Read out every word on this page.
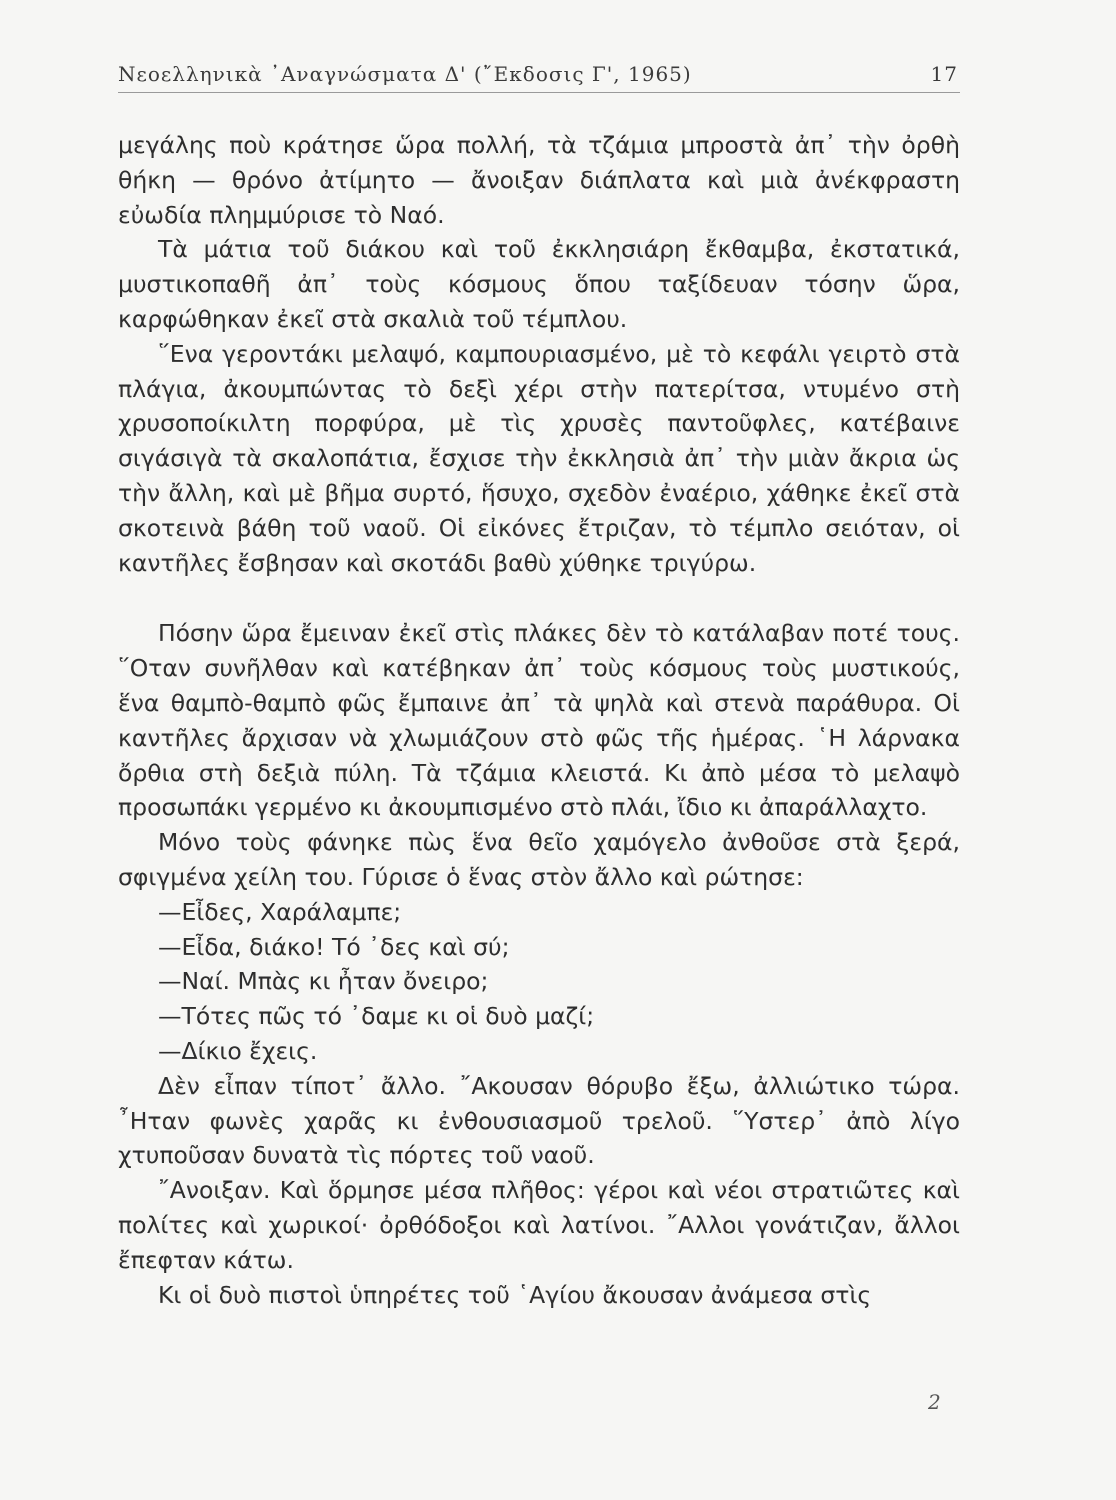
Νεοελληνικὰ ᾿Αναγνώσματα Δ' (῎Εκδοσις Γ', 1965)	17

μεγάλης ποὺ κράτησε ὥρα πολλή, τὰ τζάμια μπροστὰ ἀπ᾿ τὴν ὀρθὴ θήκη — θρόνο ἀτίμητο — ἄνοιξαν διάπλατα καὶ μιὰ ἀνέκφραστη εὐωδία πλημμύρισε τὸ Ναό.

Τὰ μάτια τοῦ διάκου καὶ τοῦ ἐκκλησιάρη ἔκθαμβα, ἐκστατικά, μυστικοπαθῆ ἀπ᾿ τοὺς κόσμους ὅπου ταξίδευαν τόσην ὥρα, καρφώθηκαν ἐκεῖ στὰ σκαλιὰ τοῦ τέμπλου.

῞Ενα γεροντάκι μελαψό, καμπουριασμένο, μὲ τὸ κεφάλι γειρτὸ στὰ πλάγια, ἀκουμπώντας τὸ δεξὶ χέρι στὴν πατερίτσα, ντυμένο στὴ χρυσοποίκιλτη πορφύρα, μὲ τὶς χρυσὲς παντοῦφλες, κατέβαινε σιγάσιγὰ τὰ σκαλοπάτια, ἔσχισε τὴν ἐκκλησιὰ ἀπ᾿ τὴν μιὰν ἄκρια ὡς τὴν ἄλλη, καὶ μὲ βῆμα συρτό, ἥσυχο, σχεδὸν ἐναέριο, χάθηκε ἐκεῖ στὰ σκοτεινὰ βάθη τοῦ ναοῦ. Οἱ εἰκόνες ἔτριζαν, τὸ τέμπλο σειόταν, οἱ καντῆλες ἔσβησαν καὶ σκοτάδι βαθὺ χύθηκε τριγύρω.

Πόσην ὥρα ἔμειναν ἐκεῖ στὶς πλάκες δὲν τὸ κατάλαβαν ποτέ τους. ῞Οταν συνῆλθαν καὶ κατέβηκαν ἀπ᾿ τοὺς κόσμους τοὺς μυστικούς, ἕνα θαμπὸ-θαμπὸ φῶς ἔμπαινε ἀπ᾿ τὰ ψηλὰ καὶ στενὰ παράθυρα. Οἱ καντῆλες ἄρχισαν νὰ χλωμιάζουν στὸ φῶς τῆς ἡμέρας. ῾Η λάρνακα ὄρθια στὴ δεξιὰ πύλη. Τὰ τζάμια κλειστά. Κι ἀπὸ μέσα τὸ μελαψὸ προσωπάκι γερμένο κι ἀκουμπισμένο στὸ πλάι, ἴδιο κι ἀπαράλλαχτο.

Μόνο τοὺς φάνηκε πὼς ἕνα θεῖο χαμόγελο ἀνθοῦσε στὰ ξερά, σφιγμένα χείλη του. Γύρισε ὁ ἕνας στὸν ἄλλο καὶ ρώτησε:

—Εἶδες, Χαράλαμπε;

—Εἶδα, διάκο! Τό ᾿δες καὶ σύ;

—Ναί. Μπὰς κι ἦταν ὄνειρο;

—Τότες πῶς τό ᾿δαμε κι οἱ δυὸ μαζί;

—Δίκιο ἔχεις.

Δὲν εἶπαν τίποτ᾿ ἄλλο. ῎Ακουσαν θόρυβο ἔξω, ἀλλιώτικο τώρα. ῏Ηταν φωνὲς χαρᾶς κι ἐνθουσιασμοῦ τρελοῦ. ῞Υστερ᾿ ἀπὸ λίγο χτυποῦσαν δυνατὰ τὶς πόρτες τοῦ ναοῦ.

῎Ανοιξαν. Καὶ ὅρμησε μέσα πλῆθος: γέροι καὶ νέοι στρατιῶτες καὶ πολίτες καὶ χωρικοί· ὀρθόδοξοι καὶ λατίνοι. ῎Αλλοι γονάτιζαν, ἄλλοι ἔπεφταν κάτω.

Κι οἱ δυὸ πιστοὶ ὑπηρέτες τοῦ ῾Αγίου ἄκουσαν ἀνάμεσα στὶς

2
